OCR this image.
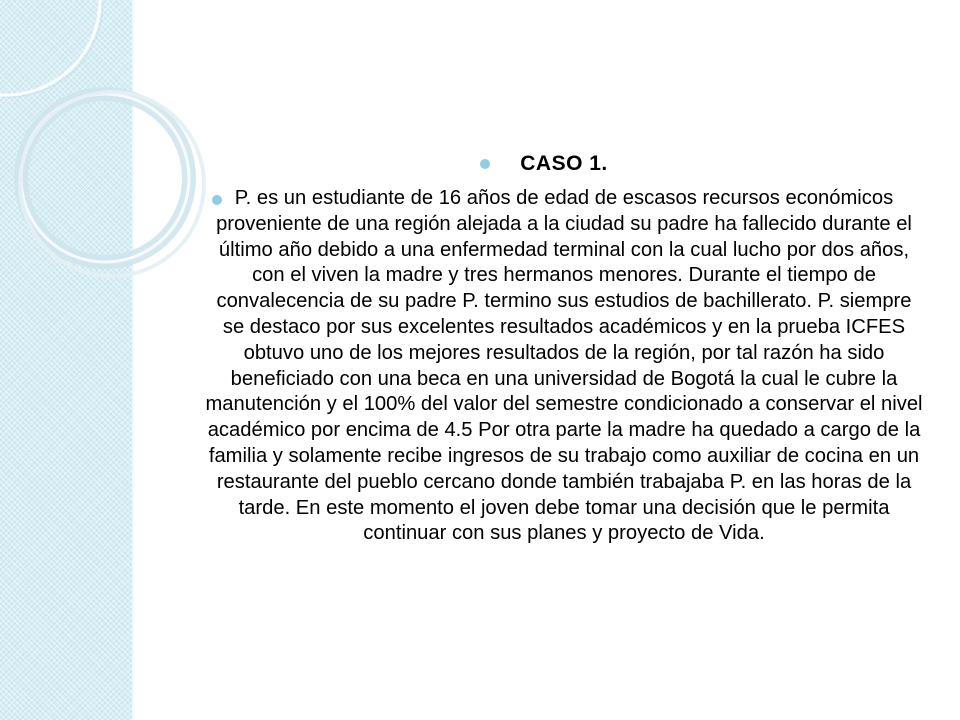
CASO 1.
P. es un estudiante de 16 años de edad de escasos recursos económicos proveniente de una región alejada a la ciudad su padre ha fallecido durante el último año debido a una enfermedad terminal con la cual lucho por dos años, con el viven la madre y tres hermanos menores. Durante el tiempo de convalecencia de su padre P. termino sus estudios de bachillerato. P. siempre se destaco por sus excelentes resultados académicos y en la prueba ICFES obtuvo uno de los mejores resultados de la región, por tal razón ha sido beneficiado con una beca en una universidad de Bogotá la cual le cubre la manutención y el 100% del valor del semestre condicionado a conservar el nivel académico por encima de 4.5 Por otra parte la madre ha quedado a cargo de la familia y solamente recibe ingresos de su trabajo como auxiliar de cocina en un restaurante del pueblo cercano donde también trabajaba P. en las horas de la tarde. En este momento el joven debe tomar una decisión que le permita continuar con sus planes y proyecto de Vida.
